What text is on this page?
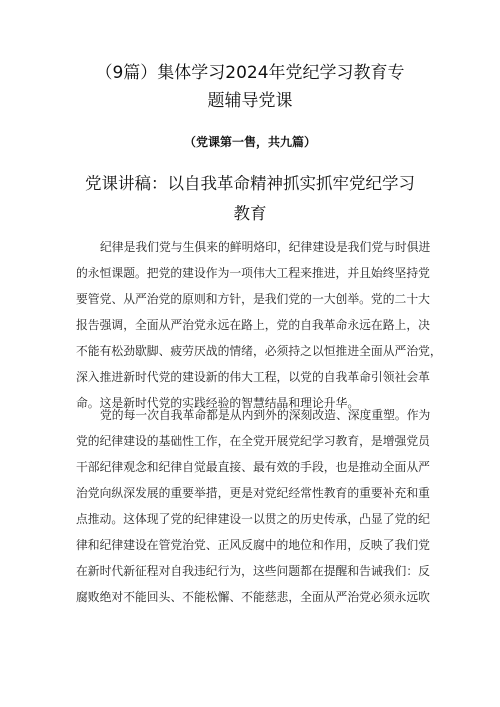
（9篇）集体学习2024年党纪学习教育专
题辅导党课
（党课第一售，共九篇）
党课讲稿：以自我革命精神抓实抓牢党纪学习
教育
纪律是我们党与生俱来的鲜明烙印，纪律建设是我们党与时俱进
的永恒课题。把党的建设作为一项伟大工程来推进，并且始终坚持党
要管党、从严治党的原则和方针，是我们党的一大创举。党的二十大
报告强调，全面从严治党永远在路上，党的自我革命永远在路上，决
不能有松劲歇脚、疲劳厌战的情绪，必须持之以恒推进全面从严治党，
深入推进新时代党的建设新的伟大工程，以党的自我革命引领社会革
命。这是新时代党的实践经验的智慧结晶和理论升华。
党的每一次自我革命都是从内到外的深刻改造、深度重塑。作为
党的纪律建设的基础性工作，在全党开展党纪学习教育，是增强党员
干部纪律观念和纪律自觉最直接、最有效的手段，也是推动全面从严
治党向纵深发展的重要举措，更是对党纪经常性教育的重要补充和重
点推动。这体现了党的纪律建设一以贯之的历史传承，凸显了党的纪
律和纪律建设在管党治党、正风反腐中的地位和作用，反映了我们党
在新时代新征程对自我违纪行为，这些问题都在提醒和告诫我们：反
腐败绝对不能回头、不能松懈、不能慈悲，全面从严治党必须永远吹
